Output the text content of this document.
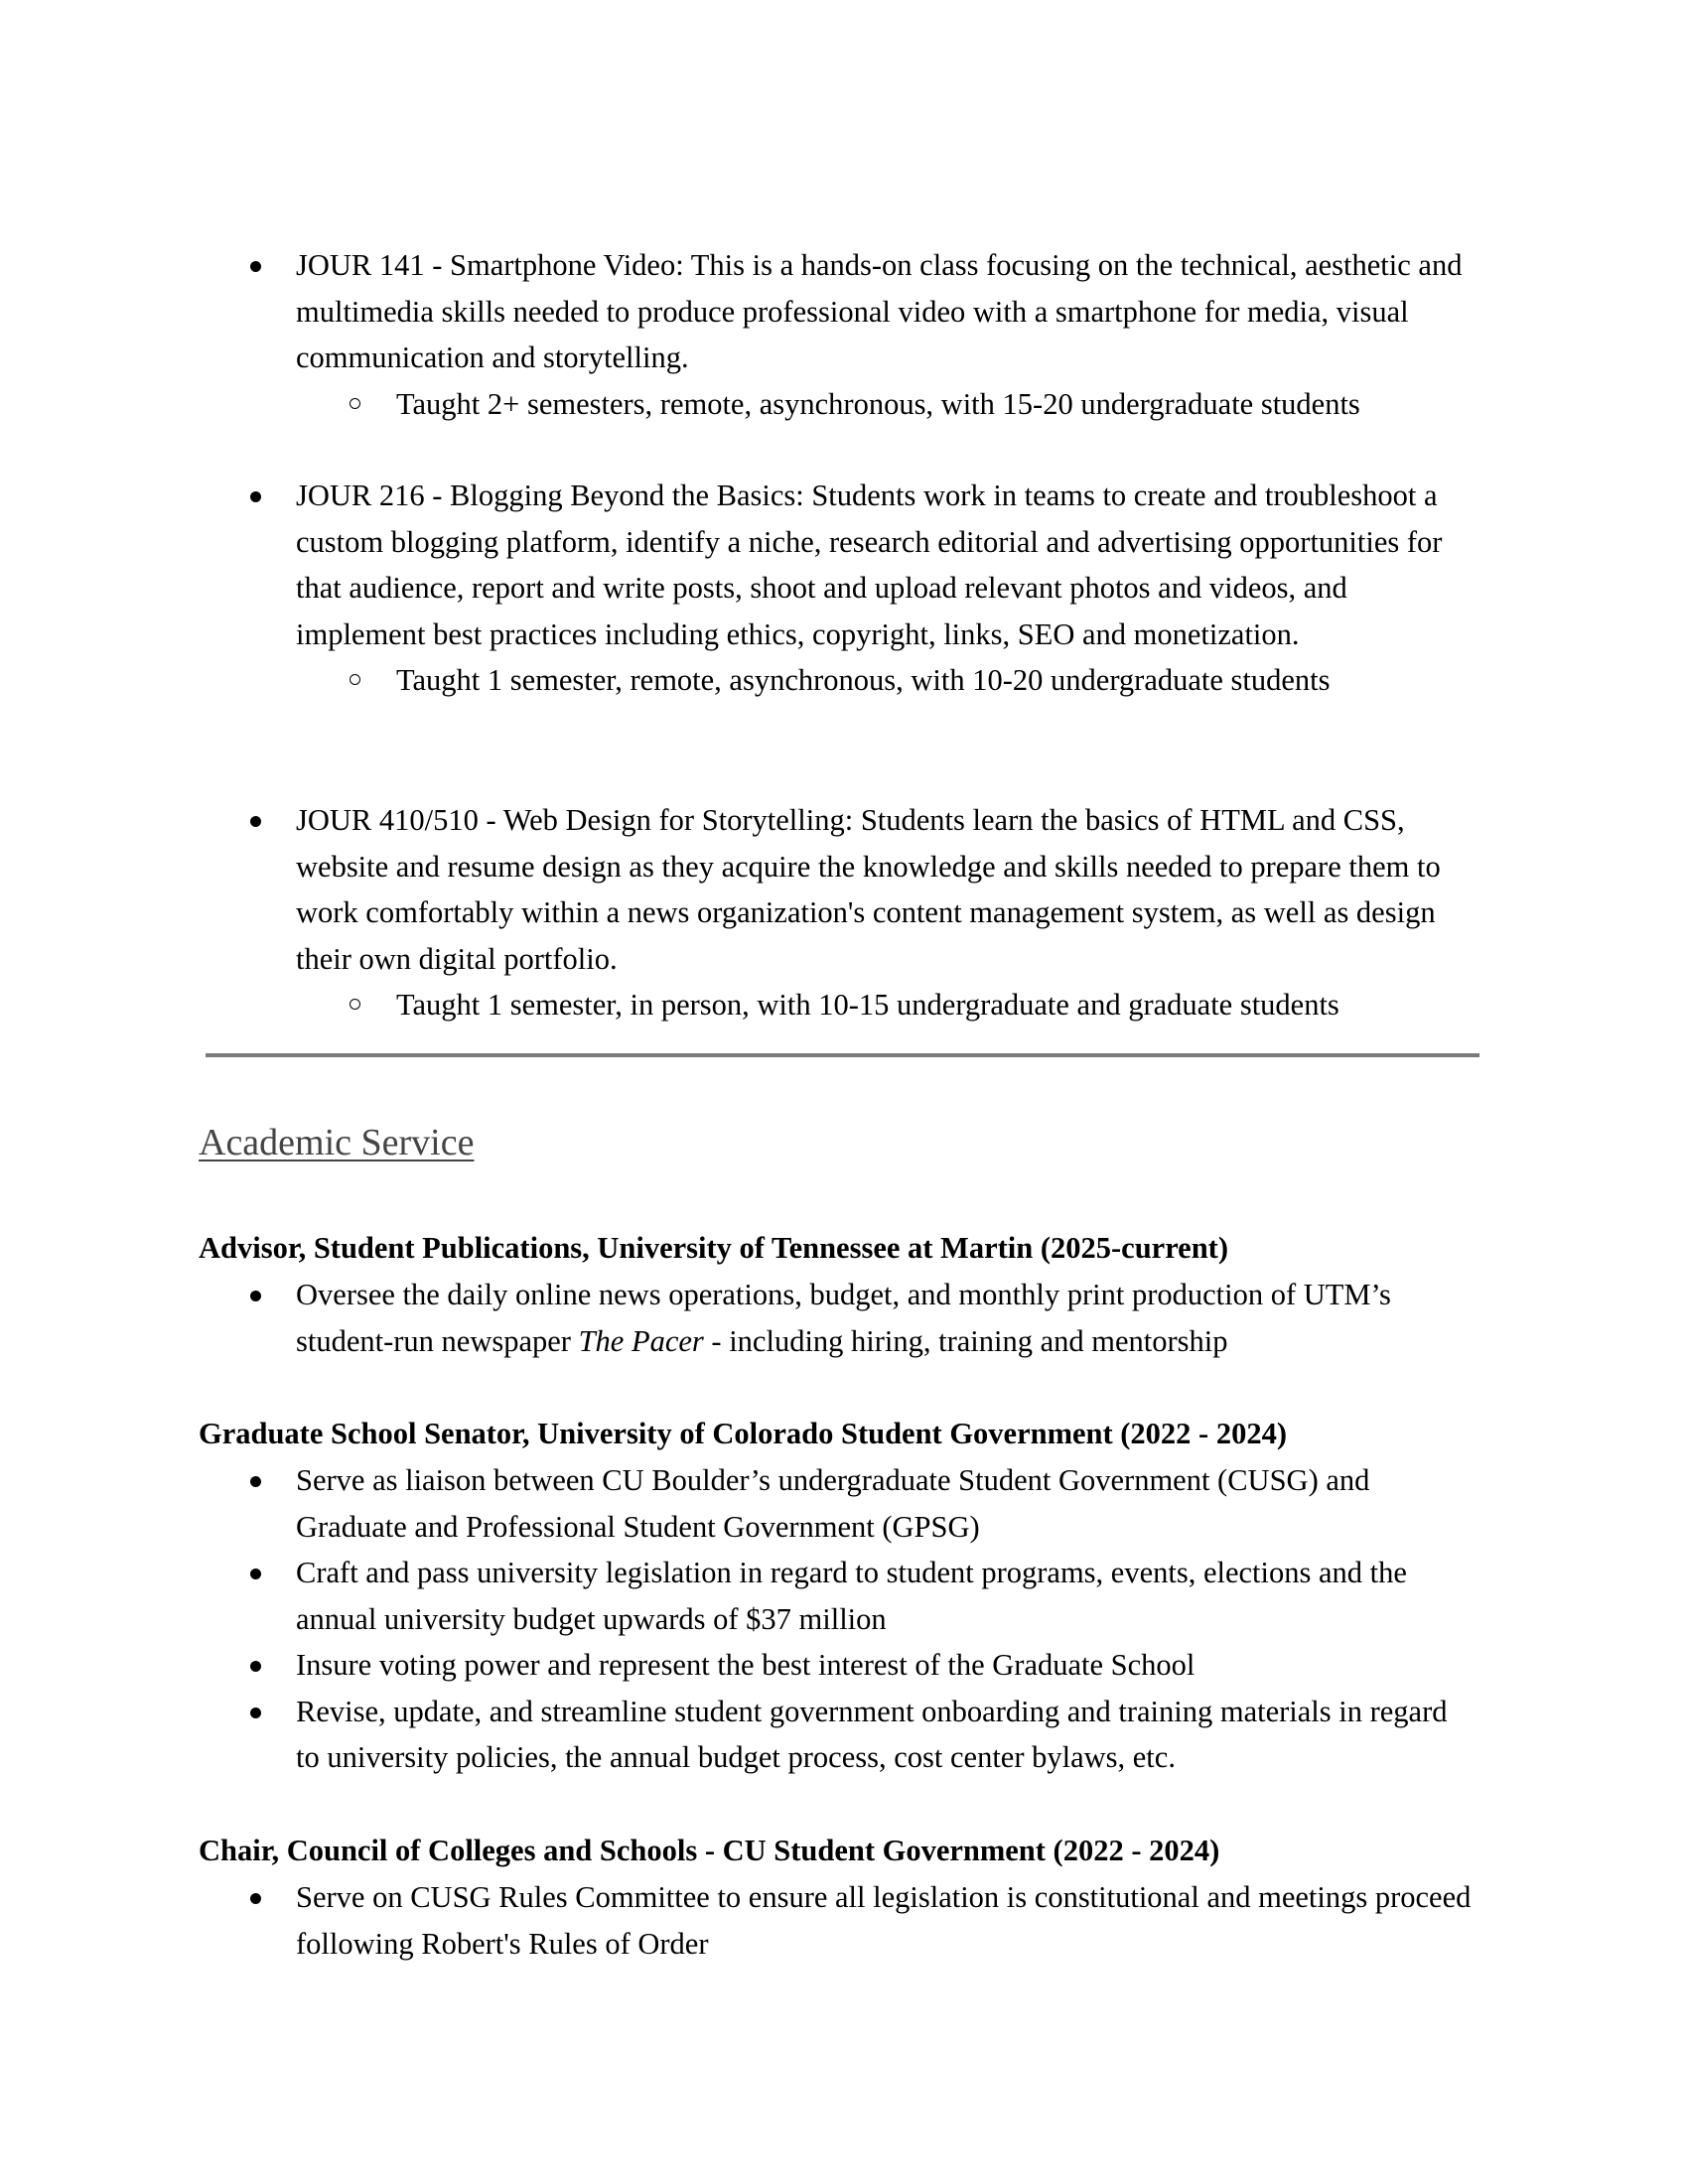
JOUR 141 - Smartphone Video: This is a hands-on class focusing on the technical, aesthetic and multimedia skills needed to produce professional video with a smartphone for media, visual communication and storytelling.
Taught 2+ semesters, remote, asynchronous, with 15-20 undergraduate students
JOUR 216 - Blogging Beyond the Basics: Students work in teams to create and troubleshoot a custom blogging platform, identify a niche, research editorial and advertising opportunities for that audience, report and write posts, shoot and upload relevant photos and videos, and implement best practices including ethics, copyright, links, SEO and monetization.
Taught 1 semester, remote, asynchronous, with 10-20 undergraduate students
JOUR 410/510 - Web Design for Storytelling: Students learn the basics of HTML and CSS, website and resume design as they acquire the knowledge and skills needed to prepare them to work comfortably within a news organization's content management system, as well as design their own digital portfolio.
Taught 1 semester, in person, with 10-15 undergraduate and graduate students
Academic Service
Advisor, Student Publications, University of Tennessee at Martin (2025-current)
Oversee the daily online news operations, budget, and monthly print production of UTM’s student-run newspaper The Pacer - including hiring, training and mentorship
Graduate School Senator, University of Colorado Student Government (2022 - 2024)
Serve as liaison between CU Boulder’s undergraduate Student Government (CUSG) and Graduate and Professional Student Government (GPSG)
Craft and pass university legislation in regard to student programs, events, elections and the annual university budget upwards of $37 million
Insure voting power and represent the best interest of the Graduate School
Revise, update, and streamline student government onboarding and training materials in regard to university policies, the annual budget process, cost center bylaws, etc.
Chair, Council of Colleges and Schools - CU Student Government (2022 - 2024)
Serve on CUSG Rules Committee to ensure all legislation is constitutional and meetings proceed following Robert's Rules of Order
